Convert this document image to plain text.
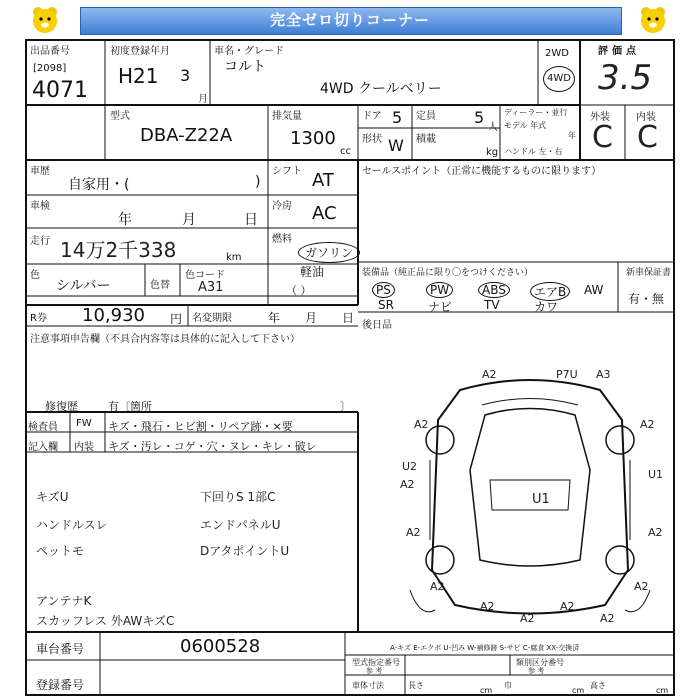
完全ゼロ切りコーナー
出品番号
[2098]
4071
初度登録年月
H21 3
月
車名・グレード
コルト
4WD クールベリー
2WD
4WD
評価点
3.5
外装	内装
C C
型式
DBA-Z22A
排気量
1300
cc
ドア 5 定員 5
人
形状 W 積載
kg
ディーラー・並行
モデル 年式
年
ハンドル 左・右
車歴
自家用・(	)
シフト AT
車検
年	月	日
冷房 AC
走行 14万2千338	km
燃料
ガソリン
軽油
（ ）
色
シルバー	色替
色コード
A31
R券 10,930 円 名変期限	年 月 日
注意事項申告欄（不具合内容等は具体的に記入して下さい）
修復歴	有〔箇所	〕
セールスポイント（正常に機能するものに限ります）
装備品（純正品に限り〇をつけください）	新車保証書
有・無
PS	PW	ABS	エアB	AW
SR	ナビ	TV	カワ
後日品
A2	P7U A3
A2	A2
U2
A2
U1
A2	A2
A2	A2
A2	A2
A2	A2
U1
A-キズ E-エクボ U-凹み W-補修跡 S-サビ C-腐食 XX-交換済
検査員
記入欄
FW キズ・飛石・ヒビ割・リペア跡・×要
内装 キズ・汚レ・コゲ・穴・ヌレ・キレ・破レ
キズU
ハンドルスレ
ペットモ
アンテナK
スカッフレス 外AWキズC
下回りS 1部C
エンドパネルU
DアタポイントU
車台番号	0600528
登録番号
型式指定番号
参 考
類別区分番号
参 考
車体寸法	長さ
cm
巾
cm
高さ
cm
